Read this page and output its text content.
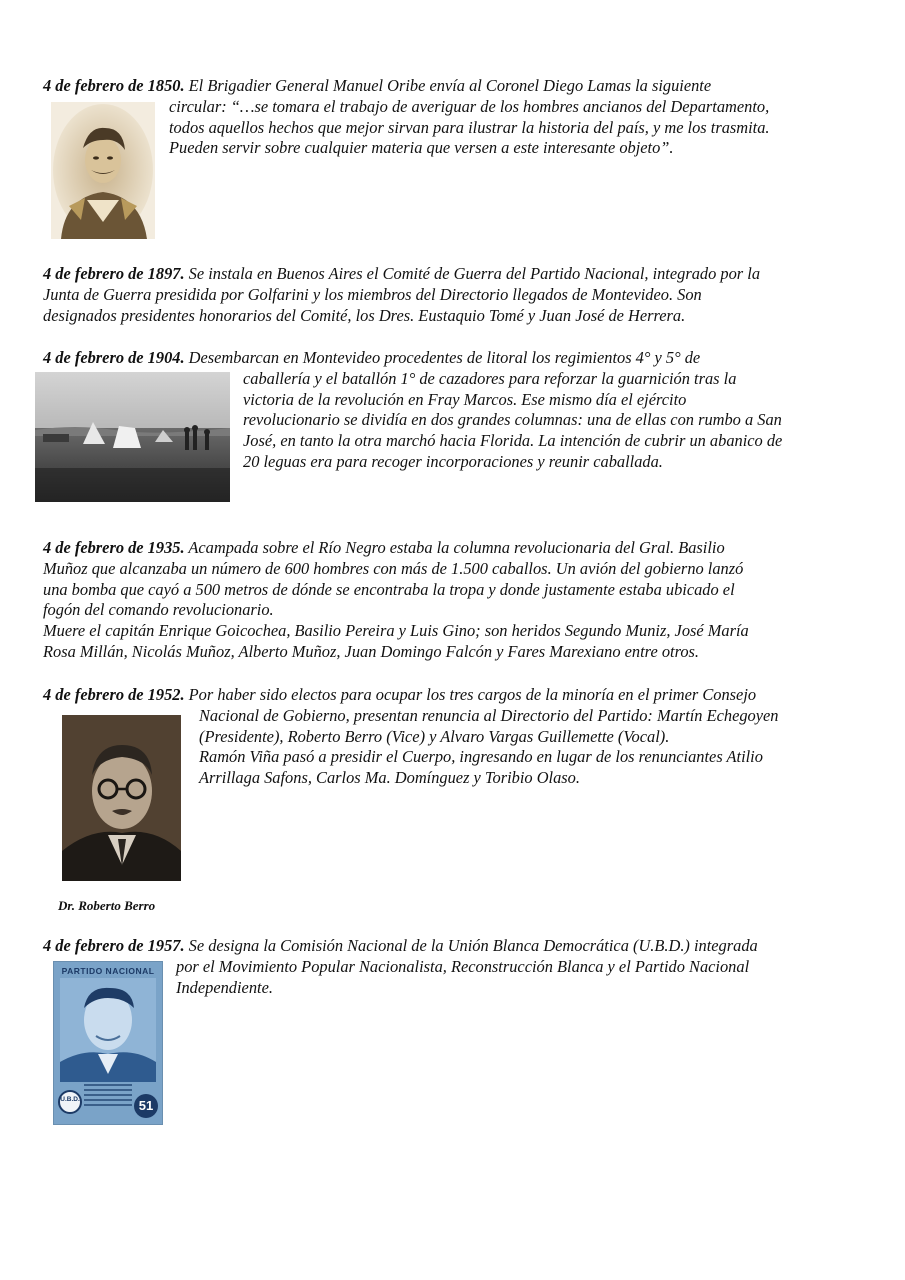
4 de febrero de 1850. El Brigadier General Manuel Oribe envía al Coronel Diego Lamas la siguiente
circular: “…se tomara el trabajo de averiguar de los hombres ancianos del Departamento,
todos aquellos hechos que mejor sirvan para ilustrar la historia del país, y me los trasmita.
Pueden servir sobre cualquier materia que versen a este interesante objeto”.
4 de febrero de 1897. Se instala en Buenos Aires el Comité de Guerra del Partido Nacional, integrado por la
Junta de Guerra presidida por Golfarini y los miembros del Directorio llegados de Montevideo. Son
designados presidentes honorarios del Comité, los Dres. Eustaquio Tomé y Juan José de Herrera.
4 de febrero de 1904. Desembarcan en Montevideo procedentes de litoral los regimientos 4° y 5° de
caballería y el batallón 1° de cazadores para reforzar la guarnición tras la
victoria de la revolución en Fray Marcos. Ese mismo día el ejército
revolucionario se dividía en dos grandes columnas: una de ellas con rumbo a San
José, en tanto la otra marchó hacia Florida. La intención de cubrir un abanico de
20 leguas era para recoger incorporaciones y reunir caballada.
4 de febrero de 1935. Acampada sobre el Río Negro estaba la columna revolucionaria del Gral. Basilio
Muñoz que alcanzaba un número de 600 hombres con más de 1.500 caballos. Un avión del gobierno lanzó
una bomba que cayó a 500 metros de dónde se encontraba la tropa y donde justamente estaba ubicado el
fogón del comando revolucionario.
Muere el capitán Enrique Goicochea, Basilio Pereira y Luis Gino; son heridos Segundo Muniz, José María
Rosa Millán, Nicolás Muñoz, Alberto Muñoz, Juan Domingo Falcón y Fares Marexiano entre otros.
4 de febrero de 1952. Por haber sido electos para ocupar los tres cargos de la minoría en el primer Consejo
Nacional de Gobierno, presentan renuncia al Directorio del Partido: Martín Echegoyen
(Presidente), Roberto Berro (Vice) y Alvaro Vargas Guillemette (Vocal).
Ramón Viña pasó a presidir el Cuerpo, ingresando en lugar de los renunciantes Atilio
Arrillaga Safons, Carlos Ma. Domínguez y Toribio Olaso.
Dr. Roberto Berro
4 de febrero de 1957. Se designa la Comisión Nacional de la Unión Blanca Democrática (U.B.D.) integrada
por el Movimiento Popular Nacionalista, Reconstrucción Blanca y el Partido Nacional
Independiente.
PARTIDO NACIONAL
U.B.D.	51
